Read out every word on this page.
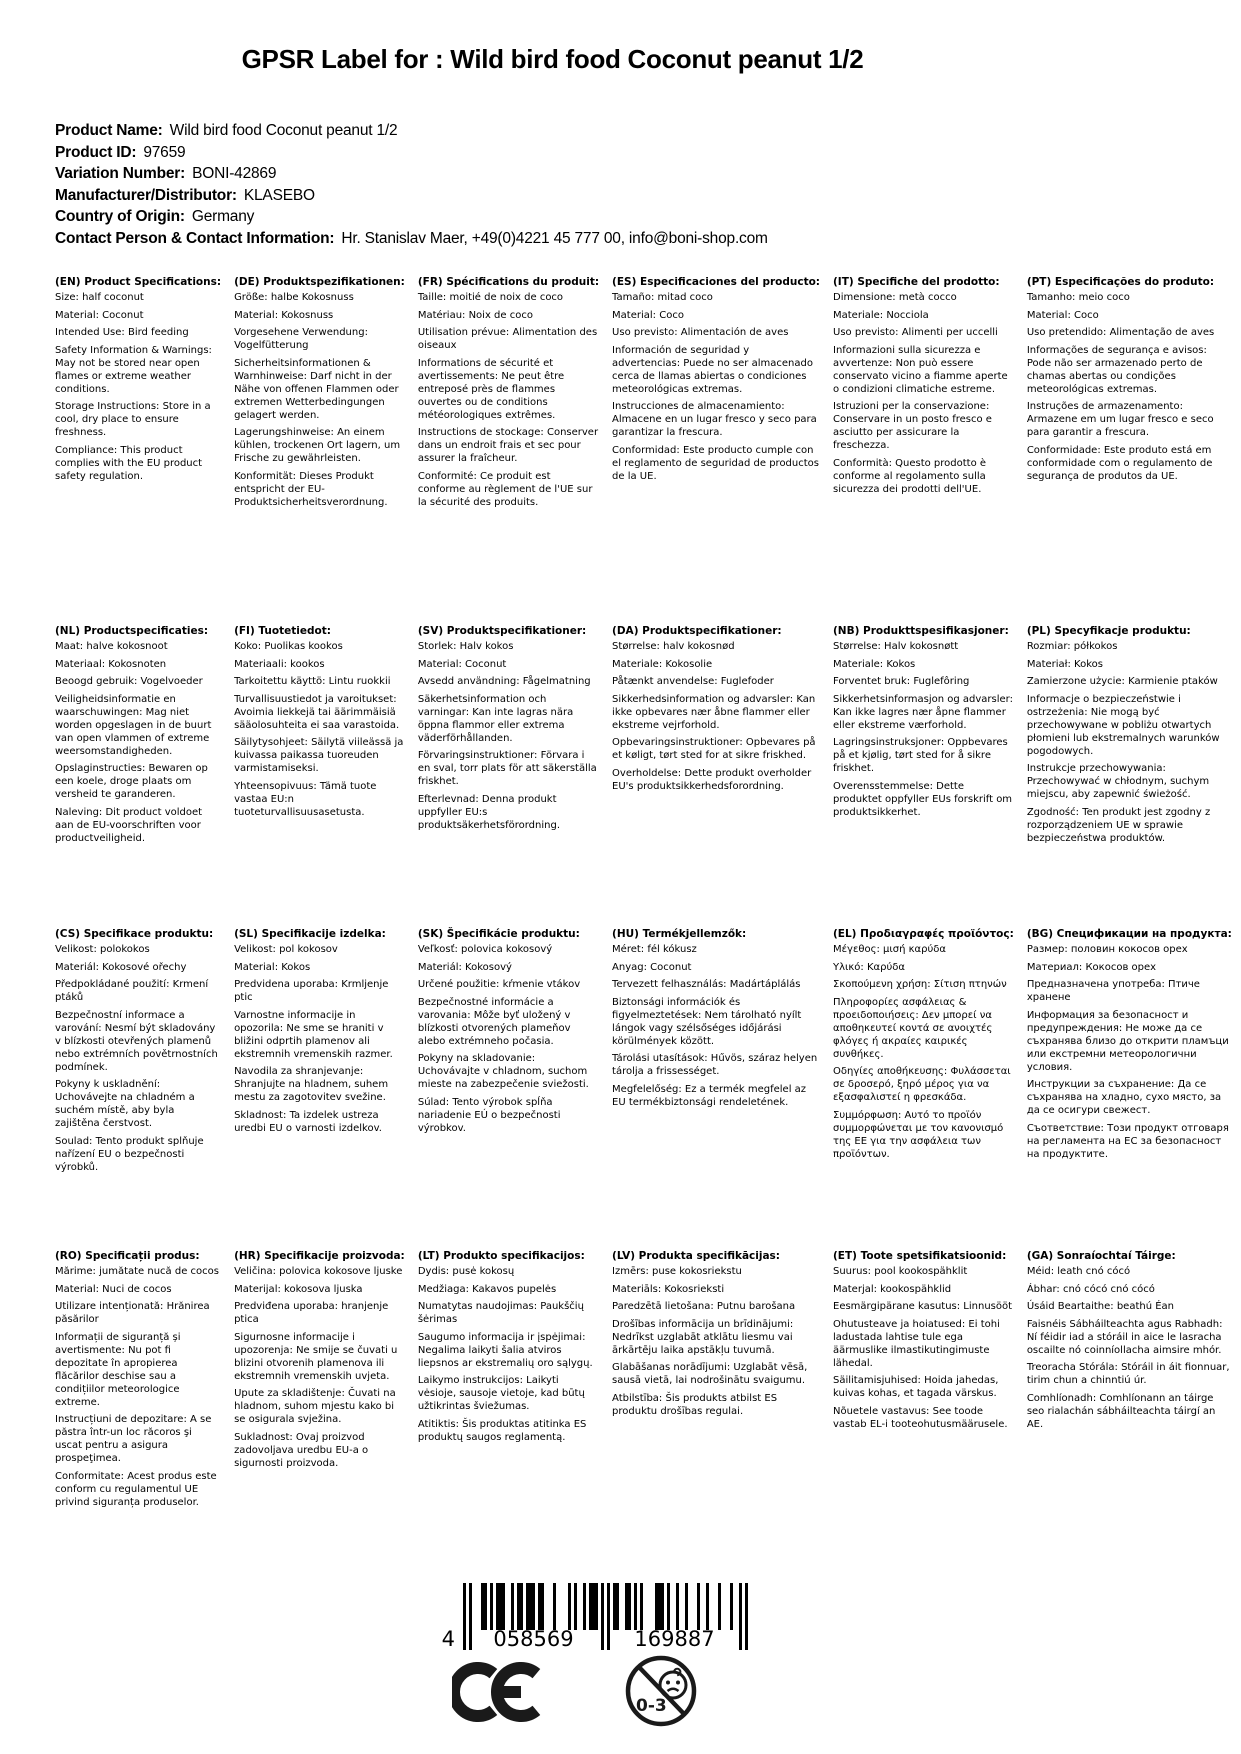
GPSR Label for : Wild bird food Coconut peanut 1/2
Product Name: Wild bird food Coconut peanut 1/2
Product ID: 97659
Variation Number: BONI-42869
Manufacturer/Distributor: KLASEBO
Country of Origin: Germany
Contact Person & Contact Information: Hr. Stanislav Maer, +49(0)4221 45 777 00, info@boni-shop.com
(EN) Product Specifications:

Size: half coconut

Material: Coconut

Intended Use: Bird feeding

Safety Information & Warnings: May not be stored near open flames or extreme weather conditions.

Storage Instructions: Store in a cool, dry place to ensure freshness.

Compliance: This product complies with the EU product safety regulation.

(DE) Produktspezifikationen:

Größe: halbe Kokosnuss

Material: Kokosnuss

Vorgesehene Verwendung: Vogelfütterung

Sicherheitsinformationen & Warnhinweise: Darf nicht in der Nähe von offenen Flammen oder extremen Wetterbedingungen gelagert werden.

Lagerungshinweise: An einem kühlen, trockenen Ort lagern, um Frische zu gewährleisten.

Konformität: Dieses Produkt entspricht der EU-Produktsicherheitsverordnung.

(FR) Spécifications du produit:

Taille: moitié de noix de coco

Matériau: Noix de coco

Utilisation prévue: Alimentation des oiseaux

Informations de sécurité et avertissements: Ne peut être entreposé près de flammes ouvertes ou de conditions météorologiques extrêmes.

Instructions de stockage: Conserver dans un endroit frais et sec pour assurer la fraîcheur.

Conformité: Ce produit est conforme au règlement de l'UE sur la sécurité des produits.

(ES) Especificaciones del producto:

Tamaño: mitad coco

Material: Coco

Uso previsto: Alimentación de aves

Información de seguridad y advertencias: Puede no ser almacenado cerca de llamas abiertas o condiciones meteorológicas extremas.

Instrucciones de almacenamiento: Almacene en un lugar fresco y seco para garantizar la frescura.

Conformidad: Este producto cumple con el reglamento de seguridad de productos de la UE.

(IT) Specifiche del prodotto:

Dimensione: metà cocco

Materiale: Nocciola

Uso previsto: Alimenti per uccelli

Informazioni sulla sicurezza e avvertenze: Non può essere conservato vicino a fiamme aperte o condizioni climatiche estreme.

Istruzioni per la conservazione: Conservare in un posto fresco e asciutto per assicurare la freschezza.

Conformità: Questo prodotto è conforme al regolamento sulla sicurezza dei prodotti dell'UE.

(PT) Especificações do produto:

Tamanho: meio coco

Material: Coco

Uso pretendido: Alimentação de aves

Informações de segurança e avisos: Pode não ser armazenado perto de chamas abertas ou condições meteorológicas extremas.

Instruções de armazenamento: Armazene em um lugar fresco e seco para garantir a frescura.

Conformidade: Este produto está em conformidade com o regulamento de segurança de produtos da UE.

(NL) Productspecificaties:

Maat: halve kokosnoot

Materiaal: Kokosnoten

Beoogd gebruik: Vogelvoeder

Veiligheidsinformatie en waarschuwingen: Mag niet worden opgeslagen in de buurt van open vlammen of extreme weersomstandigheden.

Opslaginstructies: Bewaren op een koele, droge plaats om versheid te garanderen.

Naleving: Dit product voldoet aan de EU-voorschriften voor productveiligheid.

(FI) Tuotetiedot:

Koko: Puolikas kookos

Materiaali: kookos

Tarkoitettu käyttö: Lintu ruokkii

Turvallisuustiedot ja varoitukset: Avoimia liekkejä tai äärimmäisiä sääolosuhteita ei saa varastoida.

Säilytysohjeet: Säilytä viileässä ja kuivassa paikassa tuoreuden varmistamiseksi.

Yhteensopivuus: Tämä tuote vastaa EU:n tuoteturvallisuusasetusta.

(SV) Produktspecifikationer:

Storlek: Halv kokos

Material: Coconut

Avsedd användning: Fågelmatning

Säkerhetsinformation och varningar: Kan inte lagras nära öppna flammor eller extrema väderförhållanden.

Förvaringsinstruktioner: Förvara i en sval, torr plats för att säkerställa friskhet.

Efterlevnad: Denna produkt uppfyller EU:s produktsäkerhetsförordning.

(DA) Produktspecifikationer:

Størrelse: halv kokosnød

Materiale: Kokosolie

Påtænkt anvendelse: Fuglefoder

Sikkerhedsinformation og advarsler: Kan ikke opbevares nær åbne flammer eller ekstreme vejrforhold.

Opbevaringsinstruktioner: Opbevares på et køligt, tørt sted for at sikre friskhed.

Overholdelse: Dette produkt overholder EU's produktsikkerhedsforordning.

(NB) Produkttspesifikasjoner:

Størrelse: Halv kokosnøtt

Materiale: Kokos

Forventet bruk: Fuglefôring

Sikkerhetsinformasjon og advarsler: Kan ikke lagres nær åpne flammer eller ekstreme værforhold.

Lagringsinstruksjoner: Oppbevares på et kjølig, tørt sted for å sikre friskhet.

Overensstemmelse: Dette produktet oppfyller EUs forskrift om produktsikkerhet.

(PL) Specyfikacje produktu:

Rozmiar: półkokos

Materiał: Kokos

Zamierzone użycie: Karmienie ptaków

Informacje o bezpieczeństwie i ostrzeżenia: Nie mogą być przechowywane w pobliżu otwartych płomieni lub ekstremalnych warunków pogodowych.

Instrukcje przechowywania: Przechowywać w chłodnym, suchym miejscu, aby zapewnić świeżość.

Zgodność: Ten produkt jest zgodny z rozporządzeniem UE w sprawie bezpieczeństwa produktów.

(CS) Specifikace produktu:

Velikost: polokokos

Materiál: Kokosové ořechy

Předpokládané použití: Krmení ptáků

Bezpečnostní informace a varování: Nesmí být skladovány v blízkosti otevřených plamenů nebo extrémních povětrnostních podmínek.

Pokyny k uskladnění: Uchovávejte na chladném a suchém místě, aby byla zajištěna čerstvost.

Soulad: Tento produkt splňuje nařízení EU o bezpečnosti výrobků.

(SL) Specifikacije izdelka:

Velikost: pol kokosov

Material: Kokos

Predvidena uporaba: Krmljenje ptic

Varnostne informacije in opozorila: Ne sme se hraniti v bližini odprtih plamenov ali ekstremnih vremenskih razmer.

Navodila za shranjevanje: Shranjujte na hladnem, suhem mestu za zagotovitev svežine.

Skladnost: Ta izdelek ustreza uredbi EU o varnosti izdelkov.

(SK) Špecifikácie produktu:

Veľkosť: polovica kokosový

Materiál: Kokosový

Určené použitie: kŕmenie vtákov

Bezpečnostné informácie a varovania: Môže byť uložený v blízkosti otvorených plameňov alebo extrémneho počasia.

Pokyny na skladovanie: Uchovávajte v chladnom, suchom mieste na zabezpečenie sviežosti.

Súlad: Tento výrobok spĺňa nariadenie EÚ o bezpečnosti výrobkov.

(HU) Termékjellemzők:

Méret: fél kókusz

Anyag: Coconut

Tervezett felhasználás: Madártáplálás

Biztonsági információk és figyelmeztetések: Nem tárolható nyílt lángok vagy szélsőséges időjárási körülmények között.

Tárolási utasítások: Hűvös, száraz helyen tárolja a frissességet.

Megfelelőség: Ez a termék megfelel az EU termékbiztonsági rendeletének.

(EL) Προδιαγραφές προϊόντος:

Μέγεθος: μισή καρύδα

Υλικό: Καρύδα

Σκοπούμενη χρήση: Σίτιση πτηνών

Πληροφορίες ασφάλειας & προειδοποιήσεις: Δεν μπορεί να αποθηκευτεί κοντά σε ανοιχτές φλόγες ή ακραίες καιρικές συνθήκες.

Οδηγίες αποθήκευσης: Φυλάσσεται σε δροσερό, ξηρό μέρος για να εξασφαλιστεί η φρεσκάδα.

Συμμόρφωση: Αυτό το προϊόν συμμορφώνεται με τον κανονισμό της ΕΕ για την ασφάλεια των προϊόντων.

(BG) Спецификации на продукта:

Размер: половин кокосов орех

Материал: Кокосов орех

Предназначена употреба: Птиче хранене

Информация за безопасност и предупреждения: Не може да се съхранява близо до открити пламъци или екстремни метеорологични условия.

Инструкции за съхранение: Да се съхранява на хладно, сухо място, за да се осигури свежест.

Съответствие: Този продукт отговаря на регламента на ЕС за безопасност на продуктите.

(RO) Specificații produs:

Mărime: jumătate nucă de cocos

Material: Nuci de cocos

Utilizare intenționată: Hrănirea păsărilor

Informații de siguranță și avertismente: Nu pot fi depozitate în apropierea flăcărilor deschise sau a condițiilor meteorologice extreme.

Instrucțiuni de depozitare: A se păstra într-un loc răcoros şi uscat pentru a asigura prospeţimea.

Conformitate: Acest produs este conform cu regulamentul UE privind siguranța produselor.

(HR) Specifikacije proizvoda:

Veličina: polovica kokosove ljuske

Materijal: kokosova ljuska

Predviđena uporaba: hranjenje ptica

Sigurnosne informacije i upozorenja: Ne smije se čuvati u blizini otvorenih plamenova ili ekstremnih vremenskih uvjeta.

Upute za skladištenje: Čuvati na hladnom, suhom mjestu kako bi se osigurala svježina.

Sukladnost: Ovaj proizvod zadovoljava uredbu EU-a o sigurnosti proizvoda.

(LT) Produkto specifikacijos:

Dydis: pusė kokosų

Medžiaga: Kakavos pupelės

Numatytas naudojimas: Paukščių šėrimas

Saugumo informacija ir įspėjimai: Negalima laikyti šalia atviros liepsnos ar ekstremalių oro sąlygų.

Laikymo instrukcijos: Laikyti vėsioje, sausoje vietoje, kad būtų užtikrintas šviežumas.

Atitiktis: Šis produktas atitinka ES produktų saugos reglamentą.

(LV) Produkta specifikācijas:

Izmērs: puse kokosriekstu

Materiāls: Kokosrieksti

Paredzētā lietošana: Putnu barošana

Drošības informācija un brīdinājumi: Nedrīkst uzglabāt atklātu liesmu vai ārkārtēju laika apstākļu tuvumā.

Glabāšanas norādījumi: Uzglabāt vēsā, sausā vietā, lai nodrošinātu svaigumu.

Atbilstība: Šis produkts atbilst ES produktu drošības regulai.

(ET) Toote spetsifikatsioonid:

Suurus: pool kookospähklit

Materjal: kookospähklid

Eesmärgipärane kasutus: Linnusööt

Ohutusteave ja hoiatused: Ei tohi ladustada lahtise tule ega äärmuslike ilmastikutingimuste lähedal.

Säilitamisjuhised: Hoida jahedas, kuivas kohas, et tagada värskus.

Nõuetele vastavus: See toode vastab EL-i tooteohutusmäärusele.

(GA) Sonraíochtaí Táirge:

Méid: leath cnó cócó

Ábhar: cnó cócó cnó cócó

Úsáid Beartaithe: beathú Éan

Faisnéis Sábháilteachta agus Rabhadh: Ní féidir iad a stóráil in aice le lasracha oscailte nó coinníollacha aimsire mhór.

Treoracha Stórála: Stóráil in áit fionnuar, tirim chun a chinntiú úr.

Comhlíonadh: Comhlíonann an táirge seo rialachán sábháilteachta táirgí an AE.

4 058569	169887
0-3
